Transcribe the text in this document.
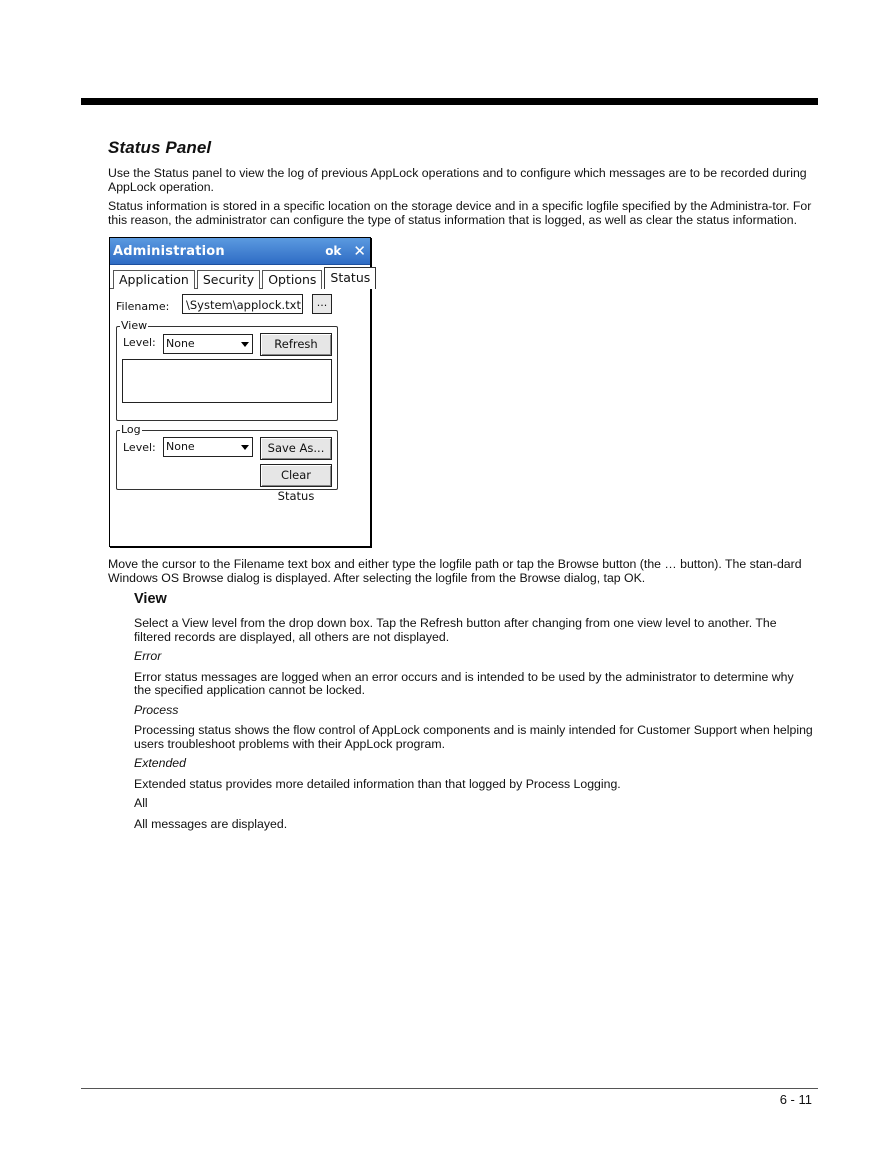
Status Panel

Use the Status panel to view the log of previous AppLock operations and to configure which messages are to be recorded during AppLock operation.

Status information is stored in a specific location on the storage device and in a specific logfile specified by the Administra-tor. For this reason, the administrator can configure the type of status information that is logged, as well as clear the status information.

Administration	ok ✕
Application	Security	Options	Status
Filename:	\System\applock.txt	...
View
Level: None	Refresh
Log
Level: None	Save As...
Clear Status

Move the cursor to the Filename text box and either type the logfile path or tap the Browse button (the … button). The stan-dard Windows OS Browse dialog is displayed. After selecting the logfile from the Browse dialog, tap OK.

View

Select a View level from the drop down box. Tap the Refresh button after changing from one view level to another. The filtered records are displayed, all others are not displayed.

Error

Error status messages are logged when an error occurs and is intended to be used by the administrator to determine why the specified application cannot be locked.

Process

Processing status shows the flow control of AppLock components and is mainly intended for Customer Support when helping users troubleshoot problems with their AppLock program.

Extended

Extended status provides more detailed information than that logged by Process Logging.

All

All messages are displayed.

6 - 11
